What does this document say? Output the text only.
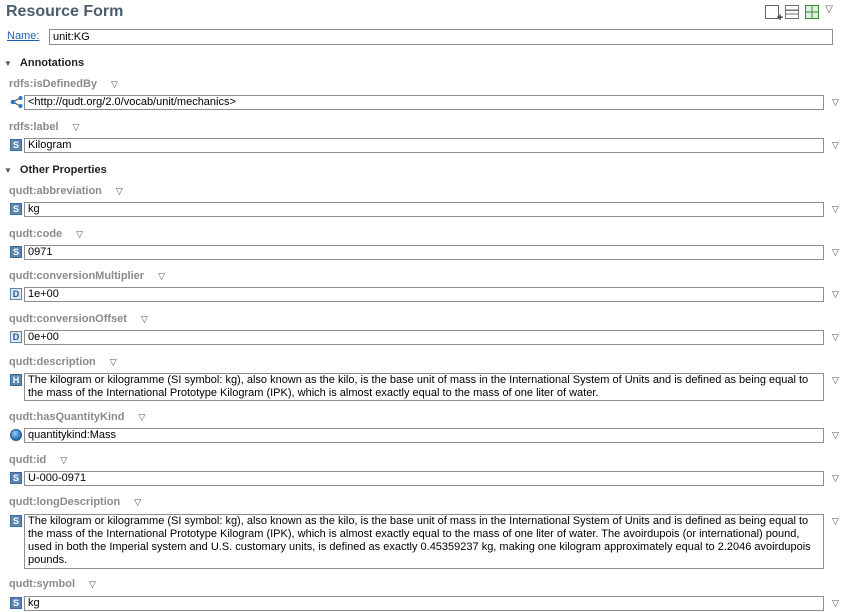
Resource Form
+	▽
Name:	unit:KG
▼ Annotations
rdfs:isDefinedBy ▽
<http://qudt.org/2.0/vocab/unit/mechanics>	▽
rdfs:label ▽
S Kilogram	▽
▼ Other Properties
qudt:abbreviation ▽
S kg	▽
qudt:code ▽
S 0971	▽
qudt:conversionMultiplier ▽
D 1e+00	▽
qudt:conversionOffset ▽
D 0e+00	▽
qudt:description ▽
H The kilogram or kilogramme (SI symbol: kg), also known as the kilo, is the base unit of mass in the International System of Units and is defined as being equal to the mass of the International Prototype Kilogram (IPK), which is almost exactly equal to the mass of one liter of water.
▽
qudt:hasQuantityKind ▽
quantitykind:Mass	▽
qudt:id ▽
S U-000-0971	▽
qudt:longDescription ▽
S The kilogram or kilogramme (SI symbol: kg), also known as the kilo, is the base unit of mass in the International System of Units and is defined as being equal to the mass of the International Prototype Kilogram (IPK), which is almost exactly equal to the mass of one liter of water. The avoirdupois (or international) pound, used in both the Imperial system and U.S. customary units, is defined as exactly 0.45359237 kg, making one kilogram approximately equal to 2.2046 avoirdupois pounds.
▽
qudt:symbol ▽
S kg	▽
